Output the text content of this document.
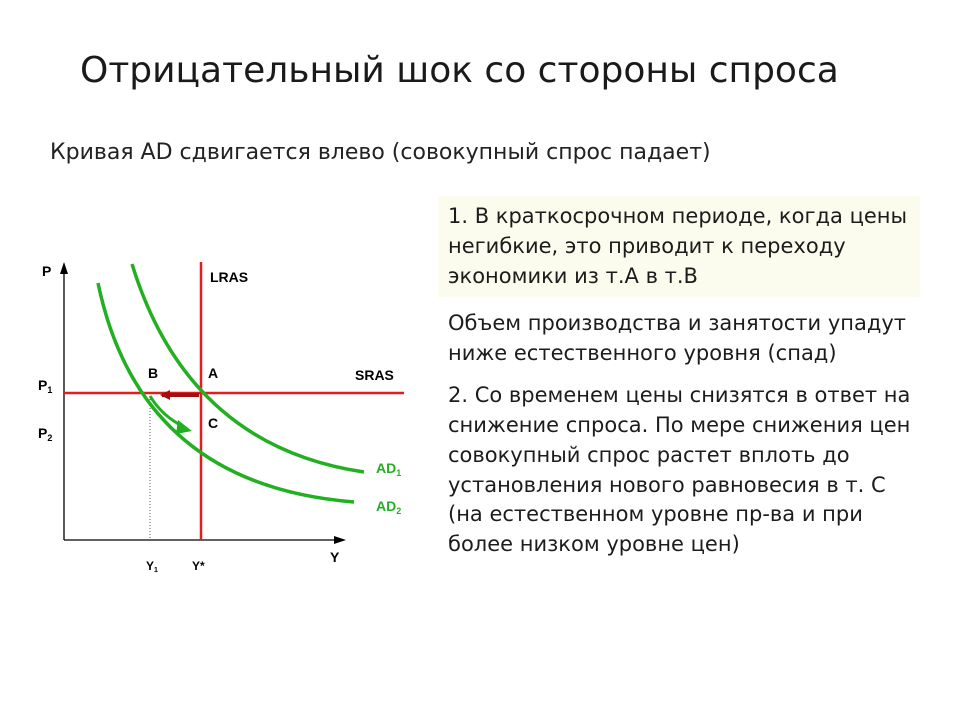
Отрицательный шок со стороны спроса
Кривая AD сдвигается влево (совокупный спрос падает)
P
Y
$P_1$
$P_2$
Y1	Y*
LRAS
SRAS
B	A
C
$AD_1$
$AD_2$
1. В краткосрочном периоде, когда цены негибкие, это приводит к переходу экономики из т.А в т.В
Объем производства и занятости упадут ниже естественного уровня (спад)
2. Со временем цены снизятся в ответ на снижение спроса. По мере снижения цен совокупный спрос растет вплоть до установления нового равновесия в т. С (на естественном уровне пр-ва и при более низком уровне цен)
